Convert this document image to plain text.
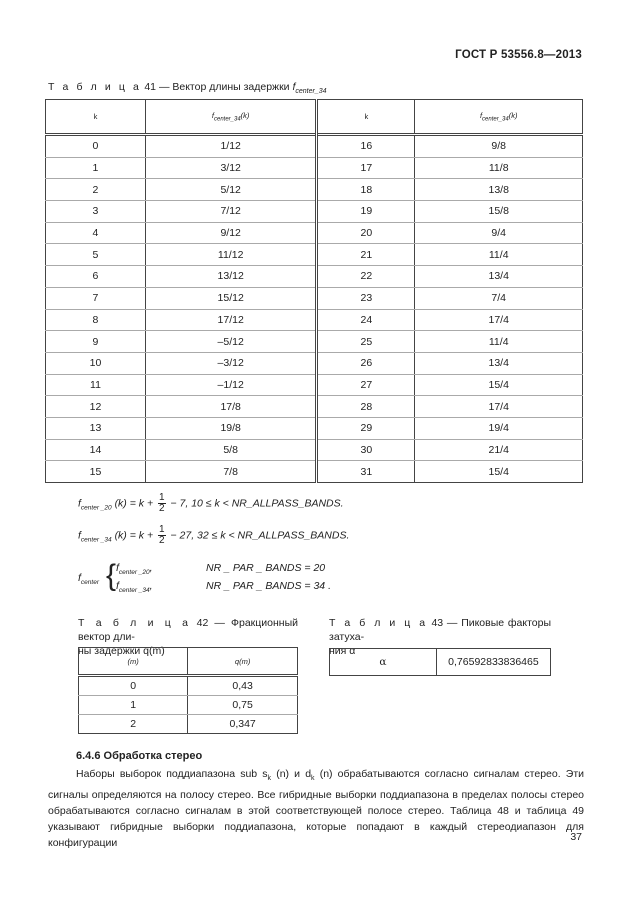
ГОСТ Р 53556.8—2013
Т а б л и ц а 41 — Вектор длины задержки $f_{center\_34}$
k	$f_{center\_34}(k)$	k	$f_{center\_34}(k)$
0	1/12	16	9/8
1	3/12	17	11/8
2	5/12	18	13/8
3	7/12	19	15/8
4	9/12	20	9/4
5	11/12	21	11/4
6	13/12	22	13/4
7	15/12	23	7/4
8	17/12	24	17/4
9	–5/12	25	11/4
10	–3/12	26	13/4
11	–1/12	27	15/4
12	17/8	28	17/4
13	19/8	29	19/4
14	5/8	30	21/4
15	7/8	31	15/4
$f_{center \_20}$ $(k) = k + \frac{1}{2} - 7$, 10 ≤ k < NR_ALLPASS_BANDS.
$f_{center \_34}$ $(k) = k + \frac{1}{2} - 27$, 32 ≤ k < NR_ALLPASS_BANDS.
$f_{center}$ { $f_{center \_20}$,
$f_{center \_34}$,
NR _ PAR _ BANDS = 20
NR _ PAR _ BANDS = 34 .
Т а б л и ц а 42 — Фракционный вектор дли-
ны задержки q(m)
(m)	q(m)
0	0,43
1	0,75
2	0,347
Т а б л и ц а 43 — Пиковые факторы затуха-
ния α
α	0,76592833836465
6.4.6 Обработка стерео

Наборы выборок поддиапазона sub $s_k$ (n) и $d_k$ (n) обрабатываются согласно сигналам стерео. Эти сигналы определяются на полосу стерео. Все гибридные выборки поддиапазона в пределах полосы стерео обрабатываются согласно сигналам в этой соответствующей полосе стерео. Таблица 48 и таблица 49 указывают гибридные выборки поддиапазона, которые попадают в каждый стереодиапазон для конфигурации

37
